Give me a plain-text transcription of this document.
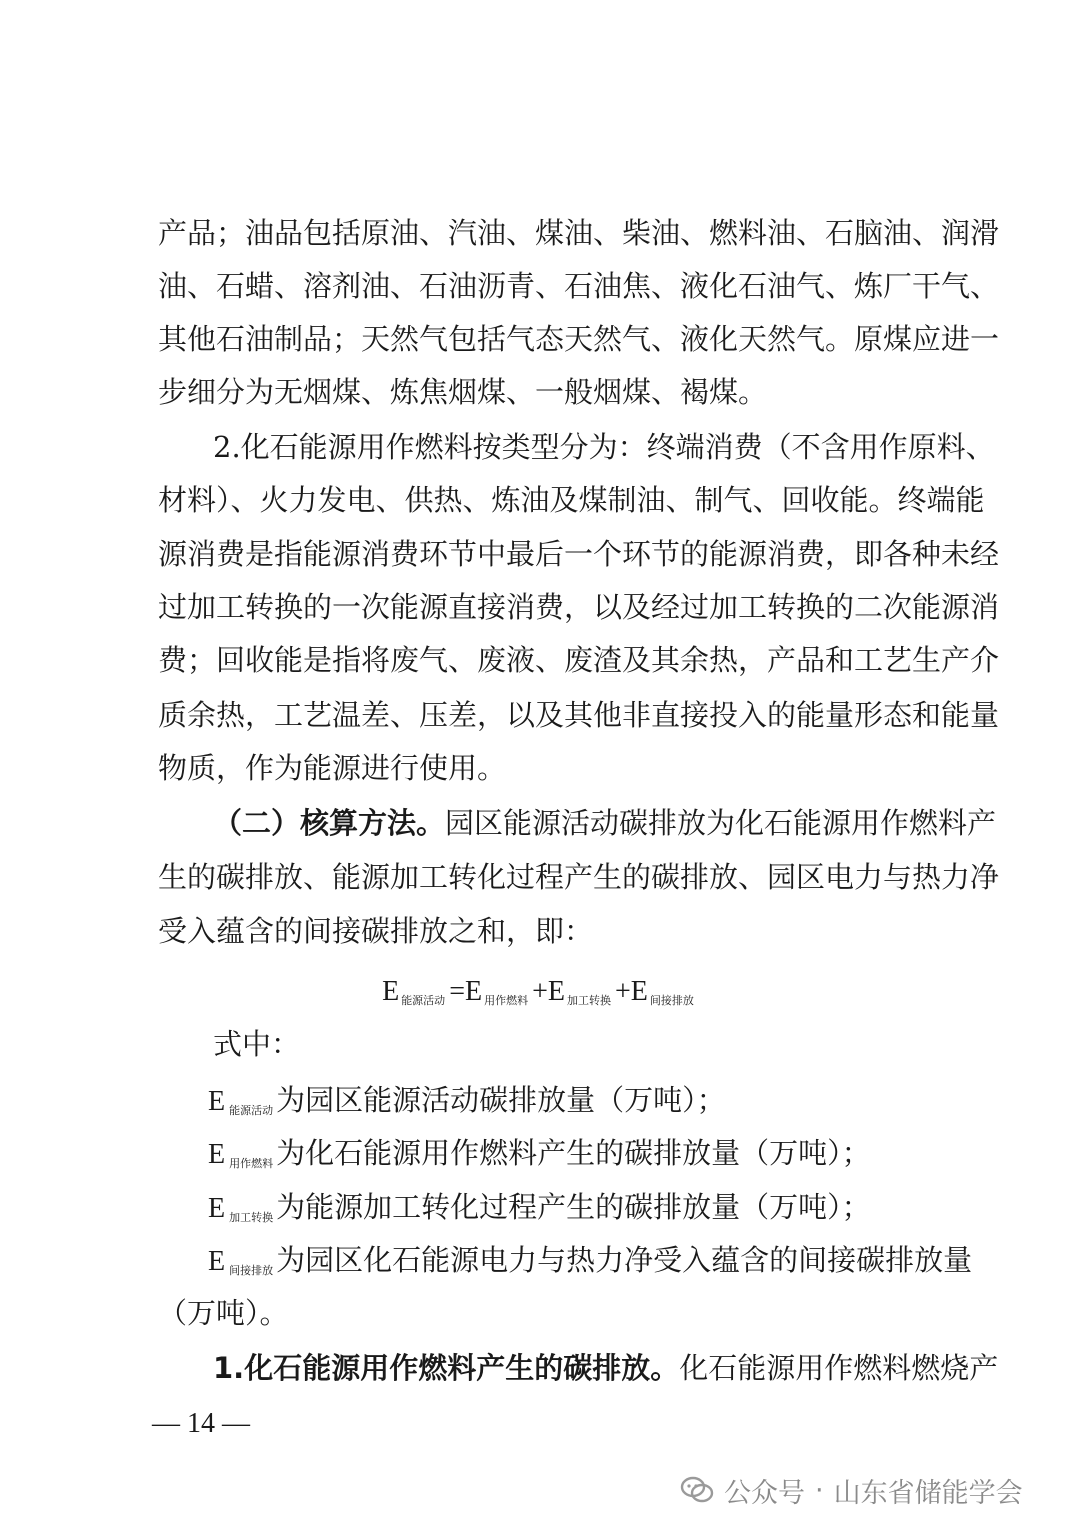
产品；油品包括原油、汽油、煤油、柴油、燃料油、石脑油、润滑
油、石蜡、溶剂油、石油沥青、石油焦、液化石油气、炼厂干气、
其他石油制品；天然气包括气态天然气、液化天然气。原煤应进一
步细分为无烟煤、炼焦烟煤、一般烟煤、褐煤。
2.化石能源用作燃料按类型分为：终端消费（不含用作原料、
材料）、火力发电、供热、炼油及煤制油、制气、回收能。终端能
源消费是指能源消费环节中最后一个环节的能源消费，即各种未经
过加工转换的一次能源直接消费，以及经过加工转换的二次能源消
费；回收能是指将废气、废液、废渣及其余热，产品和工艺生产介
质余热，工艺温差、压差，以及其他非直接投入的能量形态和能量
物质，作为能源进行使用。
（二）核算方法。园区能源活动碳排放为化石能源用作燃料产
生的碳排放、能源加工转化过程产生的碳排放、园区电力与热力净
受入蕴含的间接碳排放之和，即：
E $_{能源活动}$ =E $_{用作燃料}$ +E $_{加工转换}$ +E $_{间接排放}$
式中：
E能源活动 为园区能源活动碳排放量（万吨）；
E用作燃料 为化石能源用作燃料产生的碳排放量（万吨）；
E加工转换 为能源加工转化过程产生的碳排放量（万吨）；
E间接排放 为园区化石能源电力与热力净受入蕴含的间接碳排放量
（万吨）。
1.化石能源用作燃料产生的碳排放。化石能源用作燃料燃烧产
— 14 —
公众号 · 山东省储能学会
